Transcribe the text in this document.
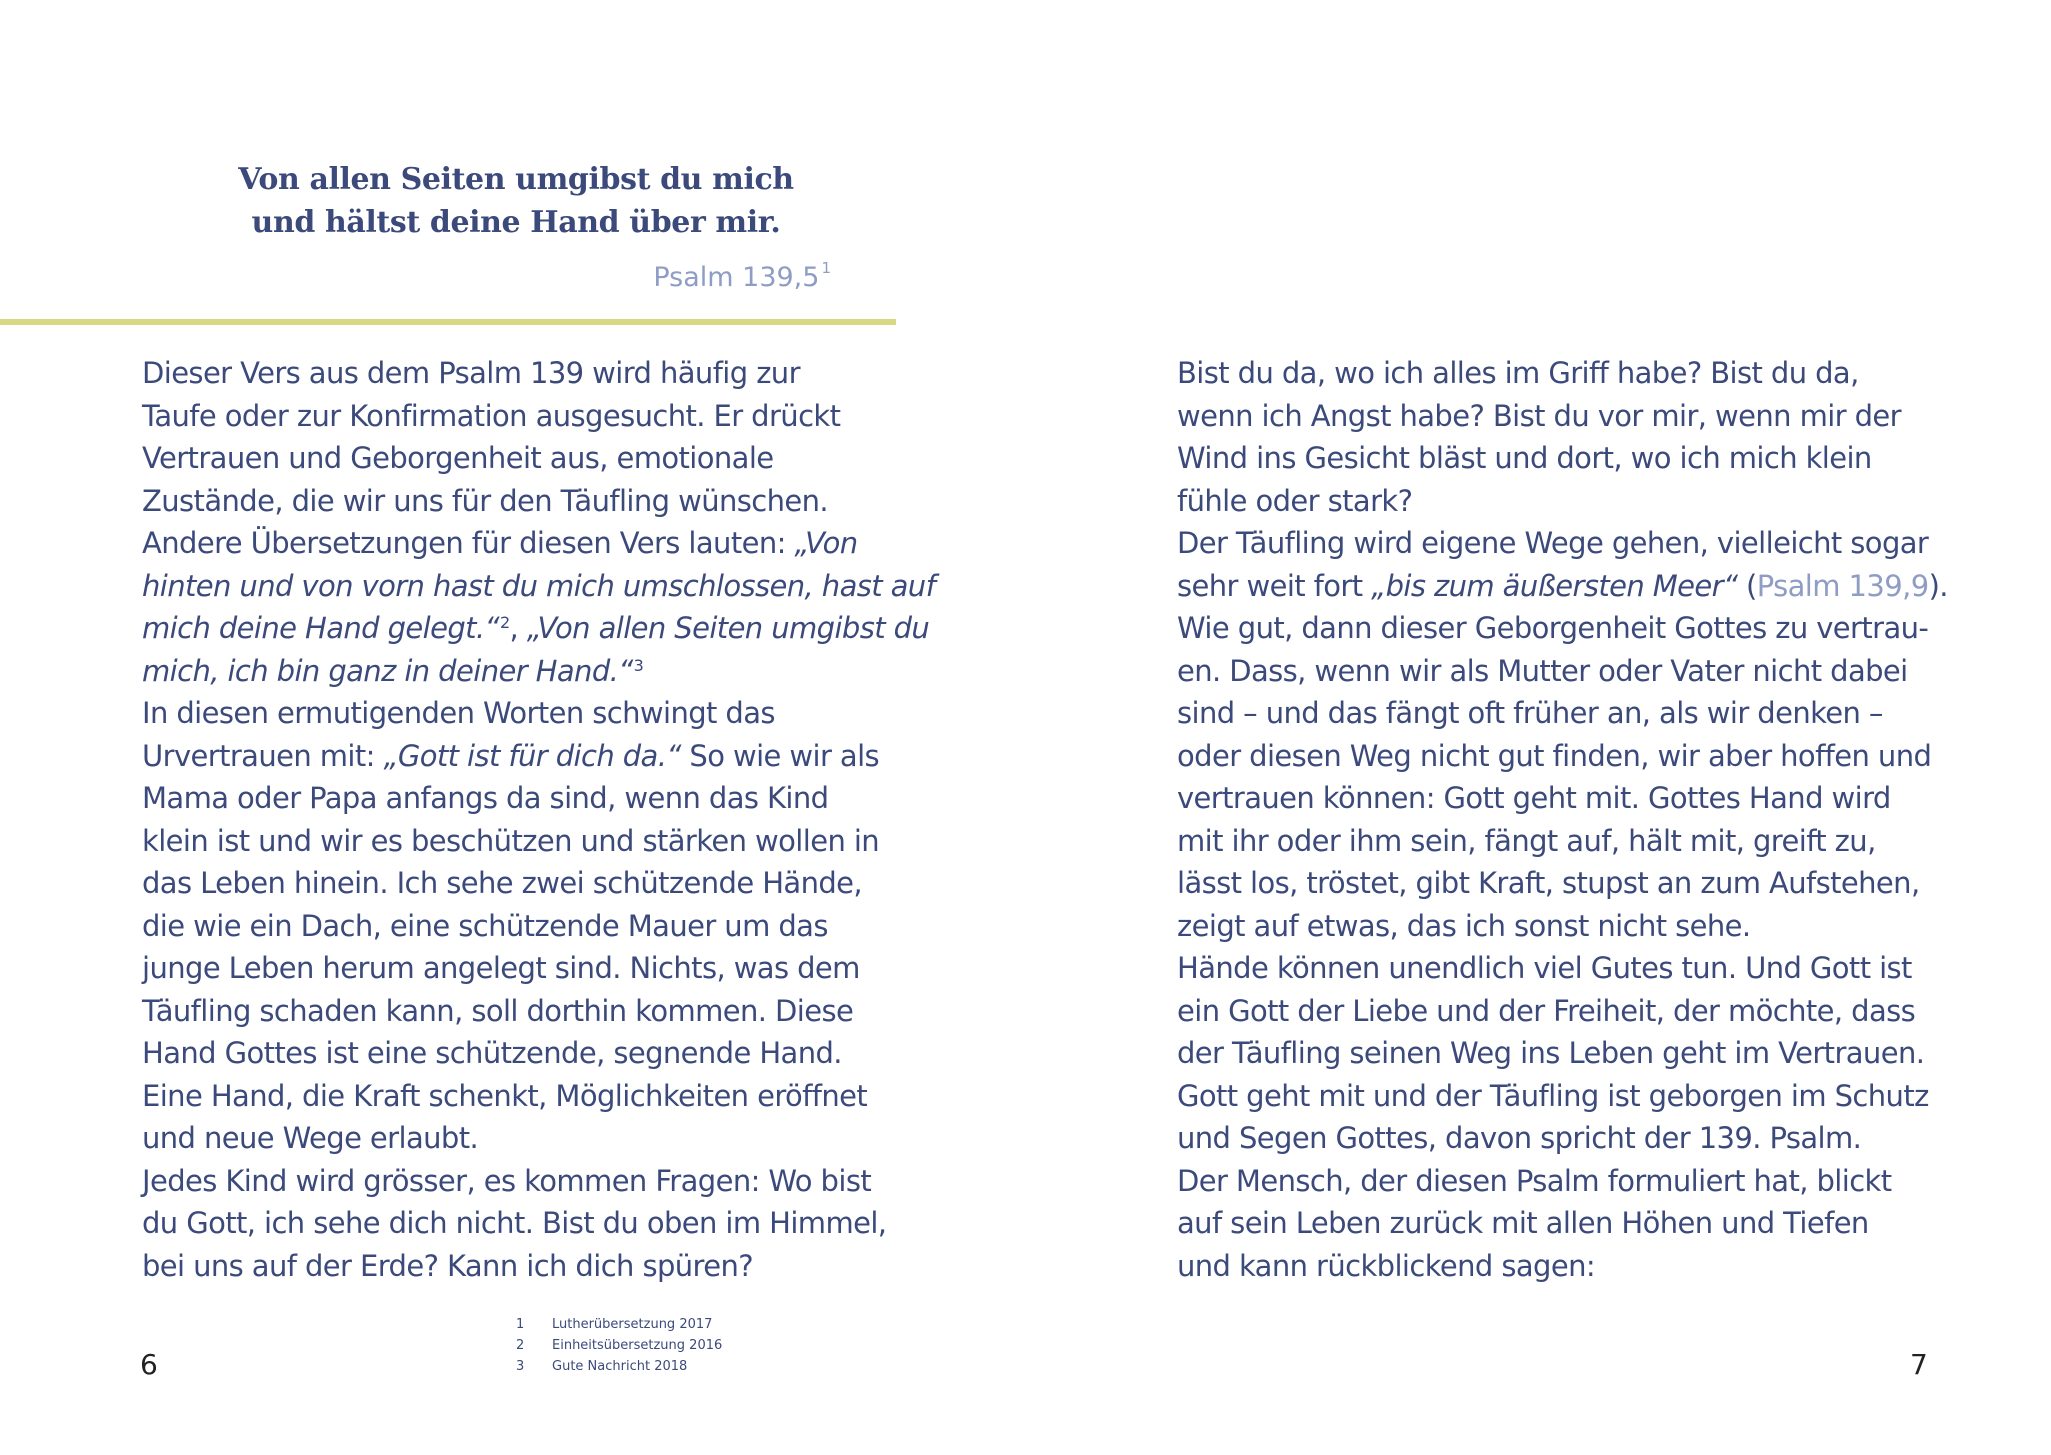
Von allen Seiten umgibst du mich
und hältst deine Hand über mir.
Psalm 139,5 $^1$
Dieser Vers aus dem Psalm 139 wird häufig zur
Taufe oder zur Konfirmation ausgesucht. Er drückt
Vertrauen und Geborgenheit aus, emotionale
Zustände, die wir uns für den Täufling wünschen.
Andere Übersetzungen für diesen Vers lauten: „Von
hinten und von vorn hast du mich umschlossen, hast auf
mich deine Hand gelegt.“$^2$, „Von allen Seiten umgibst du
mich, ich bin ganz in deiner Hand.“$^3$
In diesen ermutigenden Worten schwingt das
Urvertrauen mit: „Gott ist für dich da.“ So wie wir als
Mama oder Papa anfangs da sind, wenn das Kind
klein ist und wir es beschützen und stärken wollen in
das Leben hinein. Ich sehe zwei schützende Hände,
die wie ein Dach, eine schützende Mauer um das
junge Leben herum angelegt sind. Nichts, was dem
Täufling schaden kann, soll dorthin kommen. Diese
Hand Gottes ist eine schützende, segnende Hand.
Eine Hand, die Kraft schenkt, Möglichkeiten eröffnet
und neue Wege erlaubt.
Jedes Kind wird grösser, es kommen Fragen: Wo bist
du Gott, ich sehe dich nicht. Bist du oben im Himmel,
bei uns auf der Erde? Kann ich dich spüren?
Bist du da, wo ich alles im Griff habe? Bist du da,
wenn ich Angst habe? Bist du vor mir, wenn mir der
Wind ins Gesicht bläst und dort, wo ich mich klein
fühle oder stark?
Der Täufling wird eigene Wege gehen, vielleicht sogar
sehr weit fort „bis zum äußersten Meer“ (Psalm 139,9).
Wie gut, dann dieser Geborgenheit Gottes zu vertrau-
en. Dass, wenn wir als Mutter oder Vater nicht dabei
sind – und das fängt oft früher an, als wir denken –
oder diesen Weg nicht gut finden, wir aber hoffen und
vertrauen können: Gott geht mit. Gottes Hand wird
mit ihr oder ihm sein, fängt auf, hält mit, greift zu,
lässt los, tröstet, gibt Kraft, stupst an zum Aufstehen,
zeigt auf etwas, das ich sonst nicht sehe.
Hände können unendlich viel Gutes tun. Und Gott ist
ein Gott der Liebe und der Freiheit, der möchte, dass
der Täufling seinen Weg ins Leben geht im Vertrauen.
Gott geht mit und der Täufling ist geborgen im Schutz
und Segen Gottes, davon spricht der 139. Psalm.
Der Mensch, der diesen Psalm formuliert hat, blickt
auf sein Leben zurück mit allen Höhen und Tiefen
und kann rückblickend sagen:
1 Lutherübersetzung 2017
2 Einheitsübersetzung 2016
3 Gute Nachricht 2018
6	7
